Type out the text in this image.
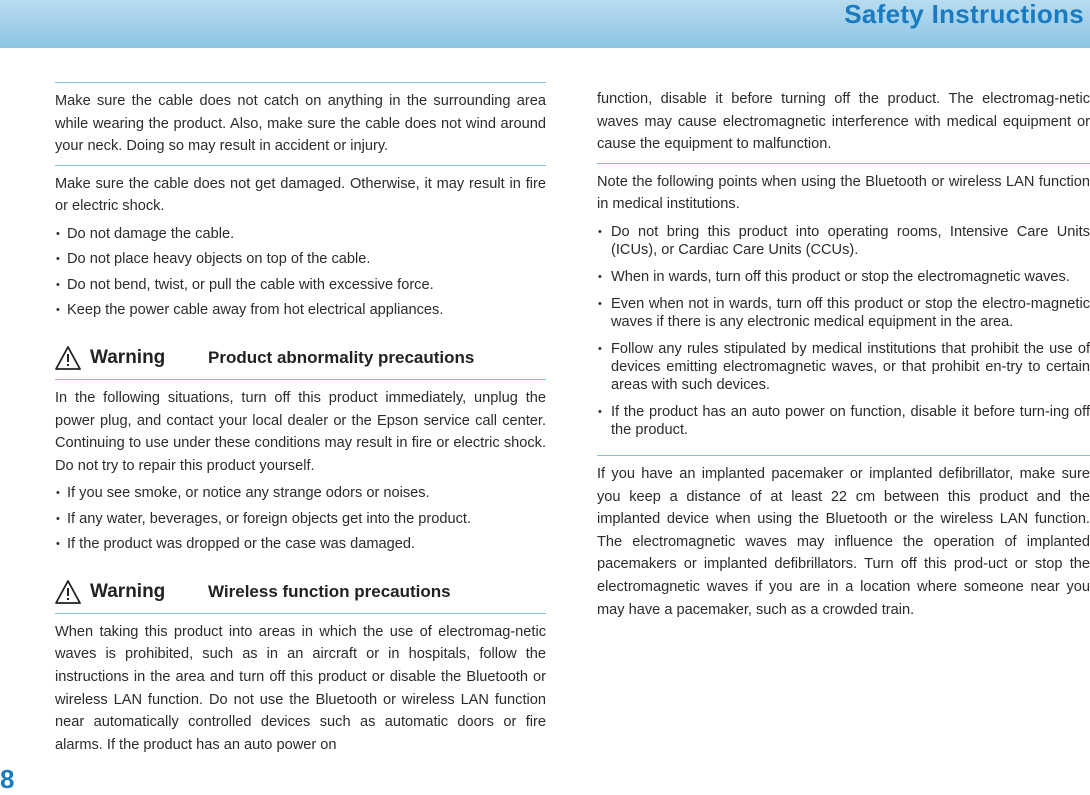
Safety Instructions

Make sure the cable does not catch on anything in the surrounding area while wearing the product. Also, make sure the cable does not wind around your neck. Doing so may result in accident or injury.

Make sure the cable does not get damaged. Otherwise, it may result in fire or electric shock.

• Do not damage the cable.
• Do not place heavy objects on top of the cable.
• Do not bend, twist, or pull the cable with excessive force.
• Keep the power cable away from hot electrical appliances.
Warning	Product abnormality precautions

In the following situations, turn off this product immediately, unplug the power plug, and contact your local dealer or the Epson service call center. Continuing to use under these conditions may result in fire or electric shock. Do not try to repair this product yourself.

• If you see smoke, or notice any strange odors or noises.
• If any water, beverages, or foreign objects get into the product.
• If the product was dropped or the case was damaged.
Warning	Wireless function precautions

When taking this product into areas in which the use of electromag-netic waves is prohibited, such as in an aircraft or in hospitals, follow the instructions in the area and turn off this product or disable the Bluetooth or wireless LAN function. Do not use the Bluetooth or wireless LAN function near automatically controlled devices such as automatic doors or fire alarms. If the product has an auto power on

function, disable it before turning off the product. The electromag-netic waves may cause electromagnetic interference with medical equipment or cause the equipment to malfunction.

Note the following points when using the Bluetooth or wireless LAN function in medical institutions.

• Do not bring this product into operating rooms, Intensive Care Units (ICUs), or Cardiac Care Units (CCUs).
• When in wards, turn off this product or stop the electromagnetic waves.
• Even when not in wards, turn off this product or stop the electro-magnetic waves if there is any electronic medical equipment in the area.
• Follow any rules stipulated by medical institutions that prohibit the use of devices emitting electromagnetic waves, or that prohibit en-try to certain areas with such devices.
• If the product has an auto power on function, disable it before turn-ing off the product.

If you have an implanted pacemaker or implanted defibrillator, make sure you keep a distance of at least 22 cm between this product and the implanted device when using the Bluetooth or the wireless LAN function. The electromagnetic waves may influence the operation of implanted pacemakers or implanted defibrillators. Turn off this prod-uct or stop the electromagnetic waves if you are in a location where someone near you may have a pacemaker, such as a crowded train.

8
